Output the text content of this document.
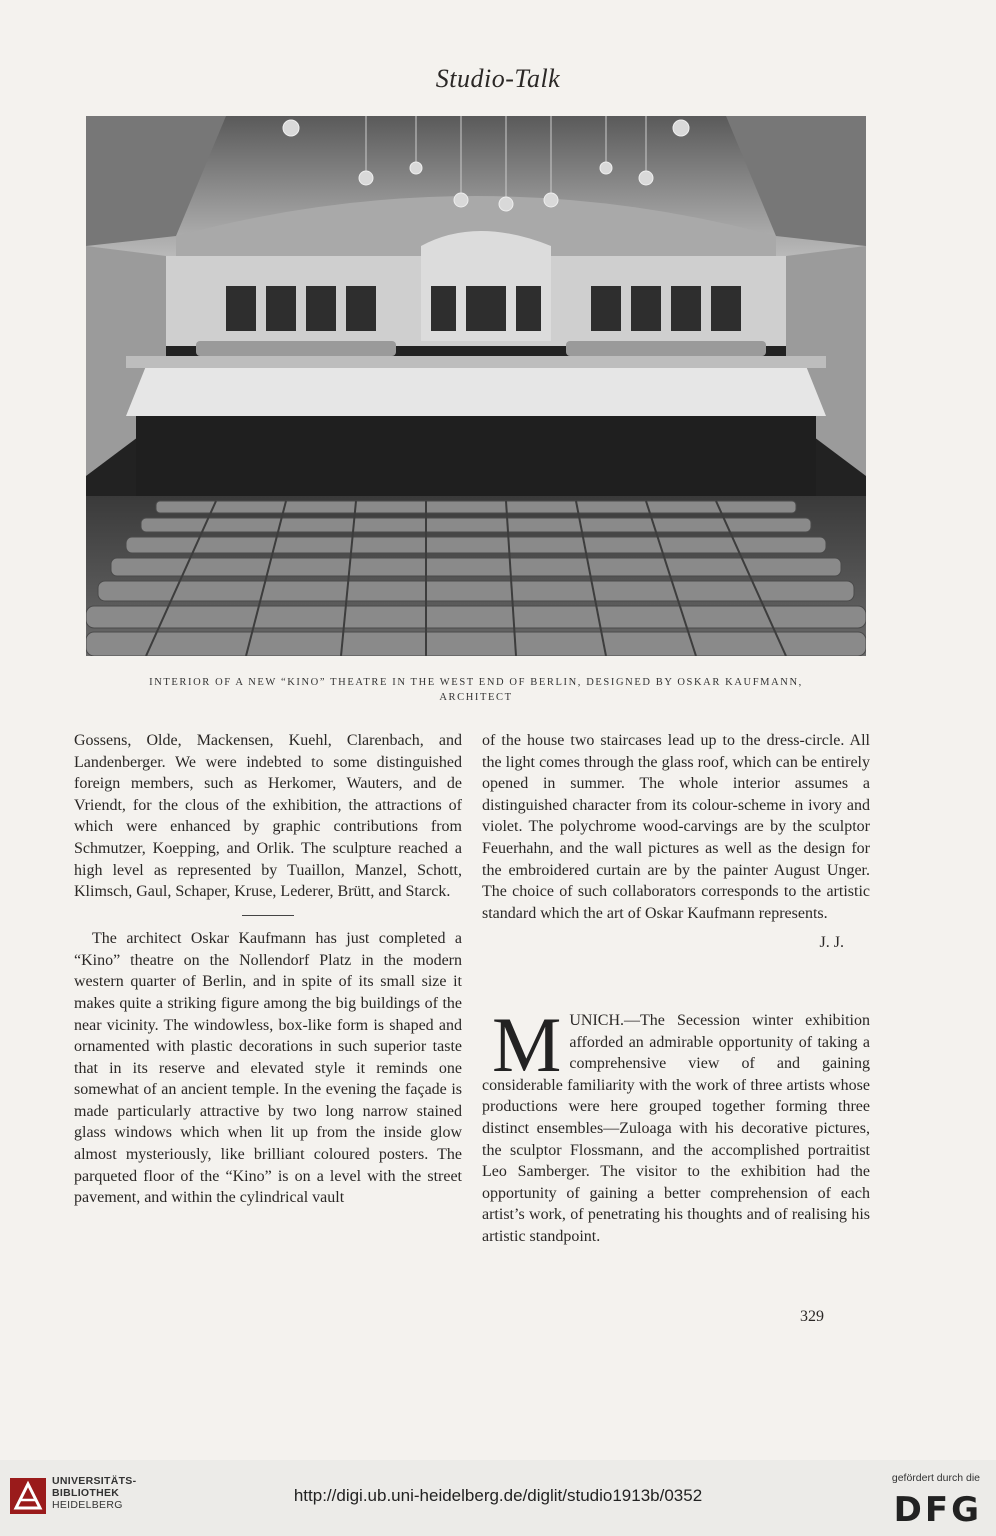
Studio-Talk
INTERIOR OF A NEW “KINO” THEATRE IN THE WEST END OF BERLIN, DESIGNED BY OSKAR KAUFMANN,
ARCHITECT

Gossens, Olde, Mackensen, Kuehl, Clarenbach, and Landenberger. We were indebted to some distinguished foreign members, such as Herkomer, Wauters, and de Vriendt, for the clous of the exhibition, the attractions of which were enhanced by graphic contributions from Schmutzer, Koepping, and Orlik. The sculpture reached a high level as represented by Tuaillon, Manzel, Schott, Klimsch, Gaul, Schaper, Kruse, Lederer, Brütt, and Starck.

The architect Oskar Kaufmann has just completed a “Kino” theatre on the Nollendorf Platz in the modern western quarter of Berlin, and in spite of its small size it makes quite a striking figure among the big buildings of the near vicinity. The windowless, box-like form is shaped and ornamented with plastic decorations in such superior taste that in its reserve and elevated style it reminds one somewhat of an ancient temple. In the evening the façade is made particularly attractive by two long narrow stained glass windows which when lit up from the inside glow almost mysteriously, like brilliant coloured posters. The parqueted floor of the “Kino” is on a level with the street pavement, and within the cylindrical vault

of the house two staircases lead up to the dress-circle. All the light comes through the glass roof, which can be entirely opened in summer. The whole interior assumes a distinguished character from its colour-scheme in ivory and violet. The polychrome wood-carvings are by the sculptor Feuerhahn, and the wall pictures as well as the design for the embroidered curtain are by the painter August Unger. The choice of such collaborators corresponds to the artistic standard which the art of Oskar Kaufmann represents.

J. J.

MUNICH.—The Secession winter exhibition afforded an admirable opportunity of taking a comprehensive view of and gaining considerable familiarity with the work of three artists whose productions were here grouped together forming three distinct ensembles—Zuloaga with his decorative pictures, the sculptor Flossmann, and the accomplished portraitist Leo Samberger. The visitor to the exhibition had the opportunity of gaining a better comprehension of each artist’s work, of penetrating his thoughts and of realising his artistic standpoint.

329
UNIVERSITÄTS-
BIBLIOTHEK
HEIDELBERG	http://digi.ub.uni-heidelberg.de/diglit/studio1913b/0352
gefördert durch die
DFG
